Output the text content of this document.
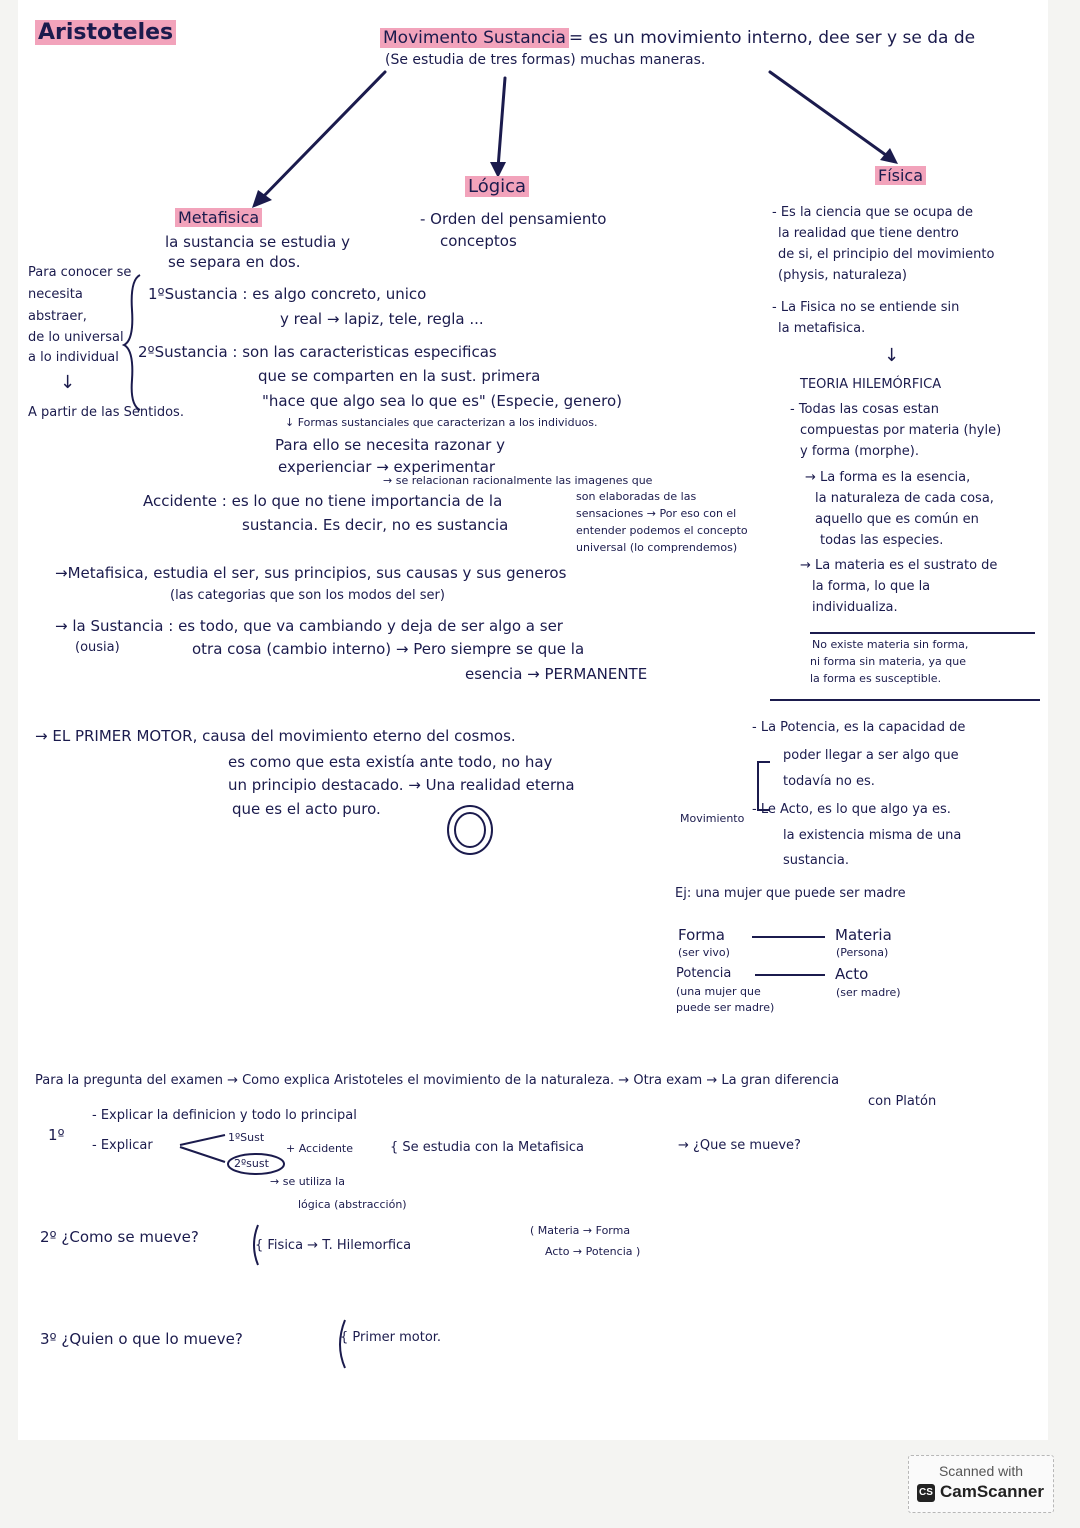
Aristoteles	Movimento Sustancia = es un movimiento interno, dee ser y se da de
(Se estudia de tres formas) muchas maneras.
Metafisica
la sustancia se estudia y
se separa en dos.
Para conocer se
necesita
abstraer,
de lo universal
a lo individual
↓
A partir de las Sentidos.
1ºSustancia : es algo concreto, unico
y real → lapiz, tele, regla ...
2ºSustancia : son las caracteristicas especificas
que se comparten en la sust. primera
"hace que algo sea lo que es" (Especie, genero)
↓ Formas sustanciales que caracterizan a los individuos.
Para ello se necesita razonar y
experienciar → experimentar
→ se relacionan racionalmente las imagenes que
Accidente : es lo que no tiene importancia de la
sustancia. Es decir, no es sustancia
son elaboradas de las
sensaciones → Por eso con el
entender podemos el concepto
universal (lo comprendemos)
→Metafisica, estudia el ser, sus principios, sus causas y sus generos
(las categorias que son los modos del ser)
→ la Sustancia : es todo, que va cambiando y deja de ser algo a ser
(ousia)	otra cosa (cambio interno) → Pero siempre se que la
esencia → PERMANENTE
Lógica
- Orden del pensamiento
conceptos
Física
- Es la ciencia que se ocupa de
la realidad que tiene dentro
de si, el principio del movimiento
(physis, naturaleza)
- La Fisica no se entiende sin
la metafisica.
↓
TEORIA HILEMÓRFICA
- Todas las cosas estan
compuestas por materia (hyle)
y forma (morphe).
→ La forma es la esencia,
la naturaleza de cada cosa,
aquello que es común en
todas las especies.
→ La materia es el sustrato de
la forma, lo que la
individualiza.
No existe materia sin forma,
ni forma sin materia, ya que
la forma es susceptible.
- La Potencia, es la capacidad de
poder llegar a ser algo que
todavía no es.
- Le Acto, es lo que algo ya es.
la existencia misma de una
sustancia.
Movimiento
Ej: una mujer que puede ser madre
Forma
(ser vivo)
Materia
(Persona)
Potencia
(una mujer que
puede ser madre)
Acto
(ser madre)
→ EL PRIMER MOTOR, causa del movimiento eterno del cosmos.
es como que esta existía ante todo, no hay
un principio destacado. → Una realidad eterna
que es el acto puro.
Para la pregunta del examen → Como explica Aristoteles el movimiento de la naturaleza. → Otra exam → La gran diferencia
con Platón
1º
- Explicar la definicion y todo lo principal
- Explicar
1ºSust
2ºsust
+ Accidente	{ Se estudia con la Metafisica	→ ¿Que se mueve?
→ se utiliza la
lógica (abstracción)
2º ¿Como se mueve?	{ Fisica → T. Hilemorfica
( Materia → Forma
Acto → Potencia )
3º ¿Quien o que lo mueve?	{ Primer motor.
Scanned with
CS CamScanner
